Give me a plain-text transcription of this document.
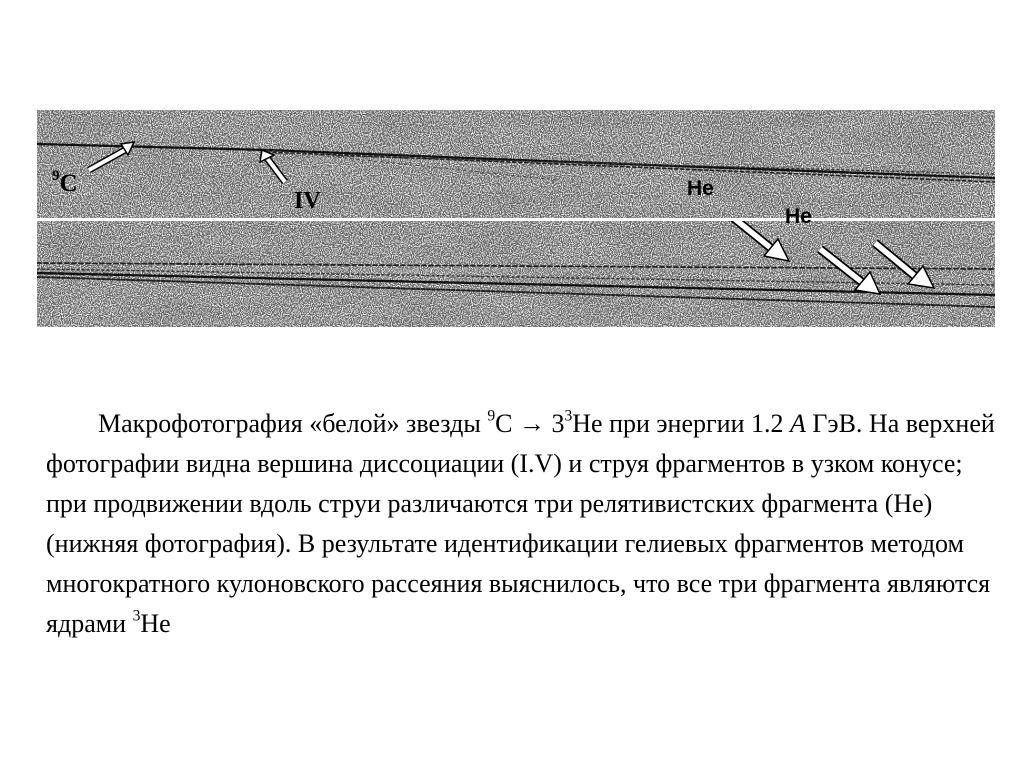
$^9$C
IV	He
He
Макрофотография «белой» звезды $^9C \to 3^3He$ при энергии 1.2 A ГэВ. На верхней фотографии видна вершина диссоциации (I.V) и струя фрагментов в узком конусе; при продвижении вдоль струи различаются три релятивистских фрагмента (He) (нижняя фотография). В результате идентификации гелиевых фрагментов методом многократного кулоновского рассеяния выяснилось, что все три фрагмента являются ядрами $^3$He
